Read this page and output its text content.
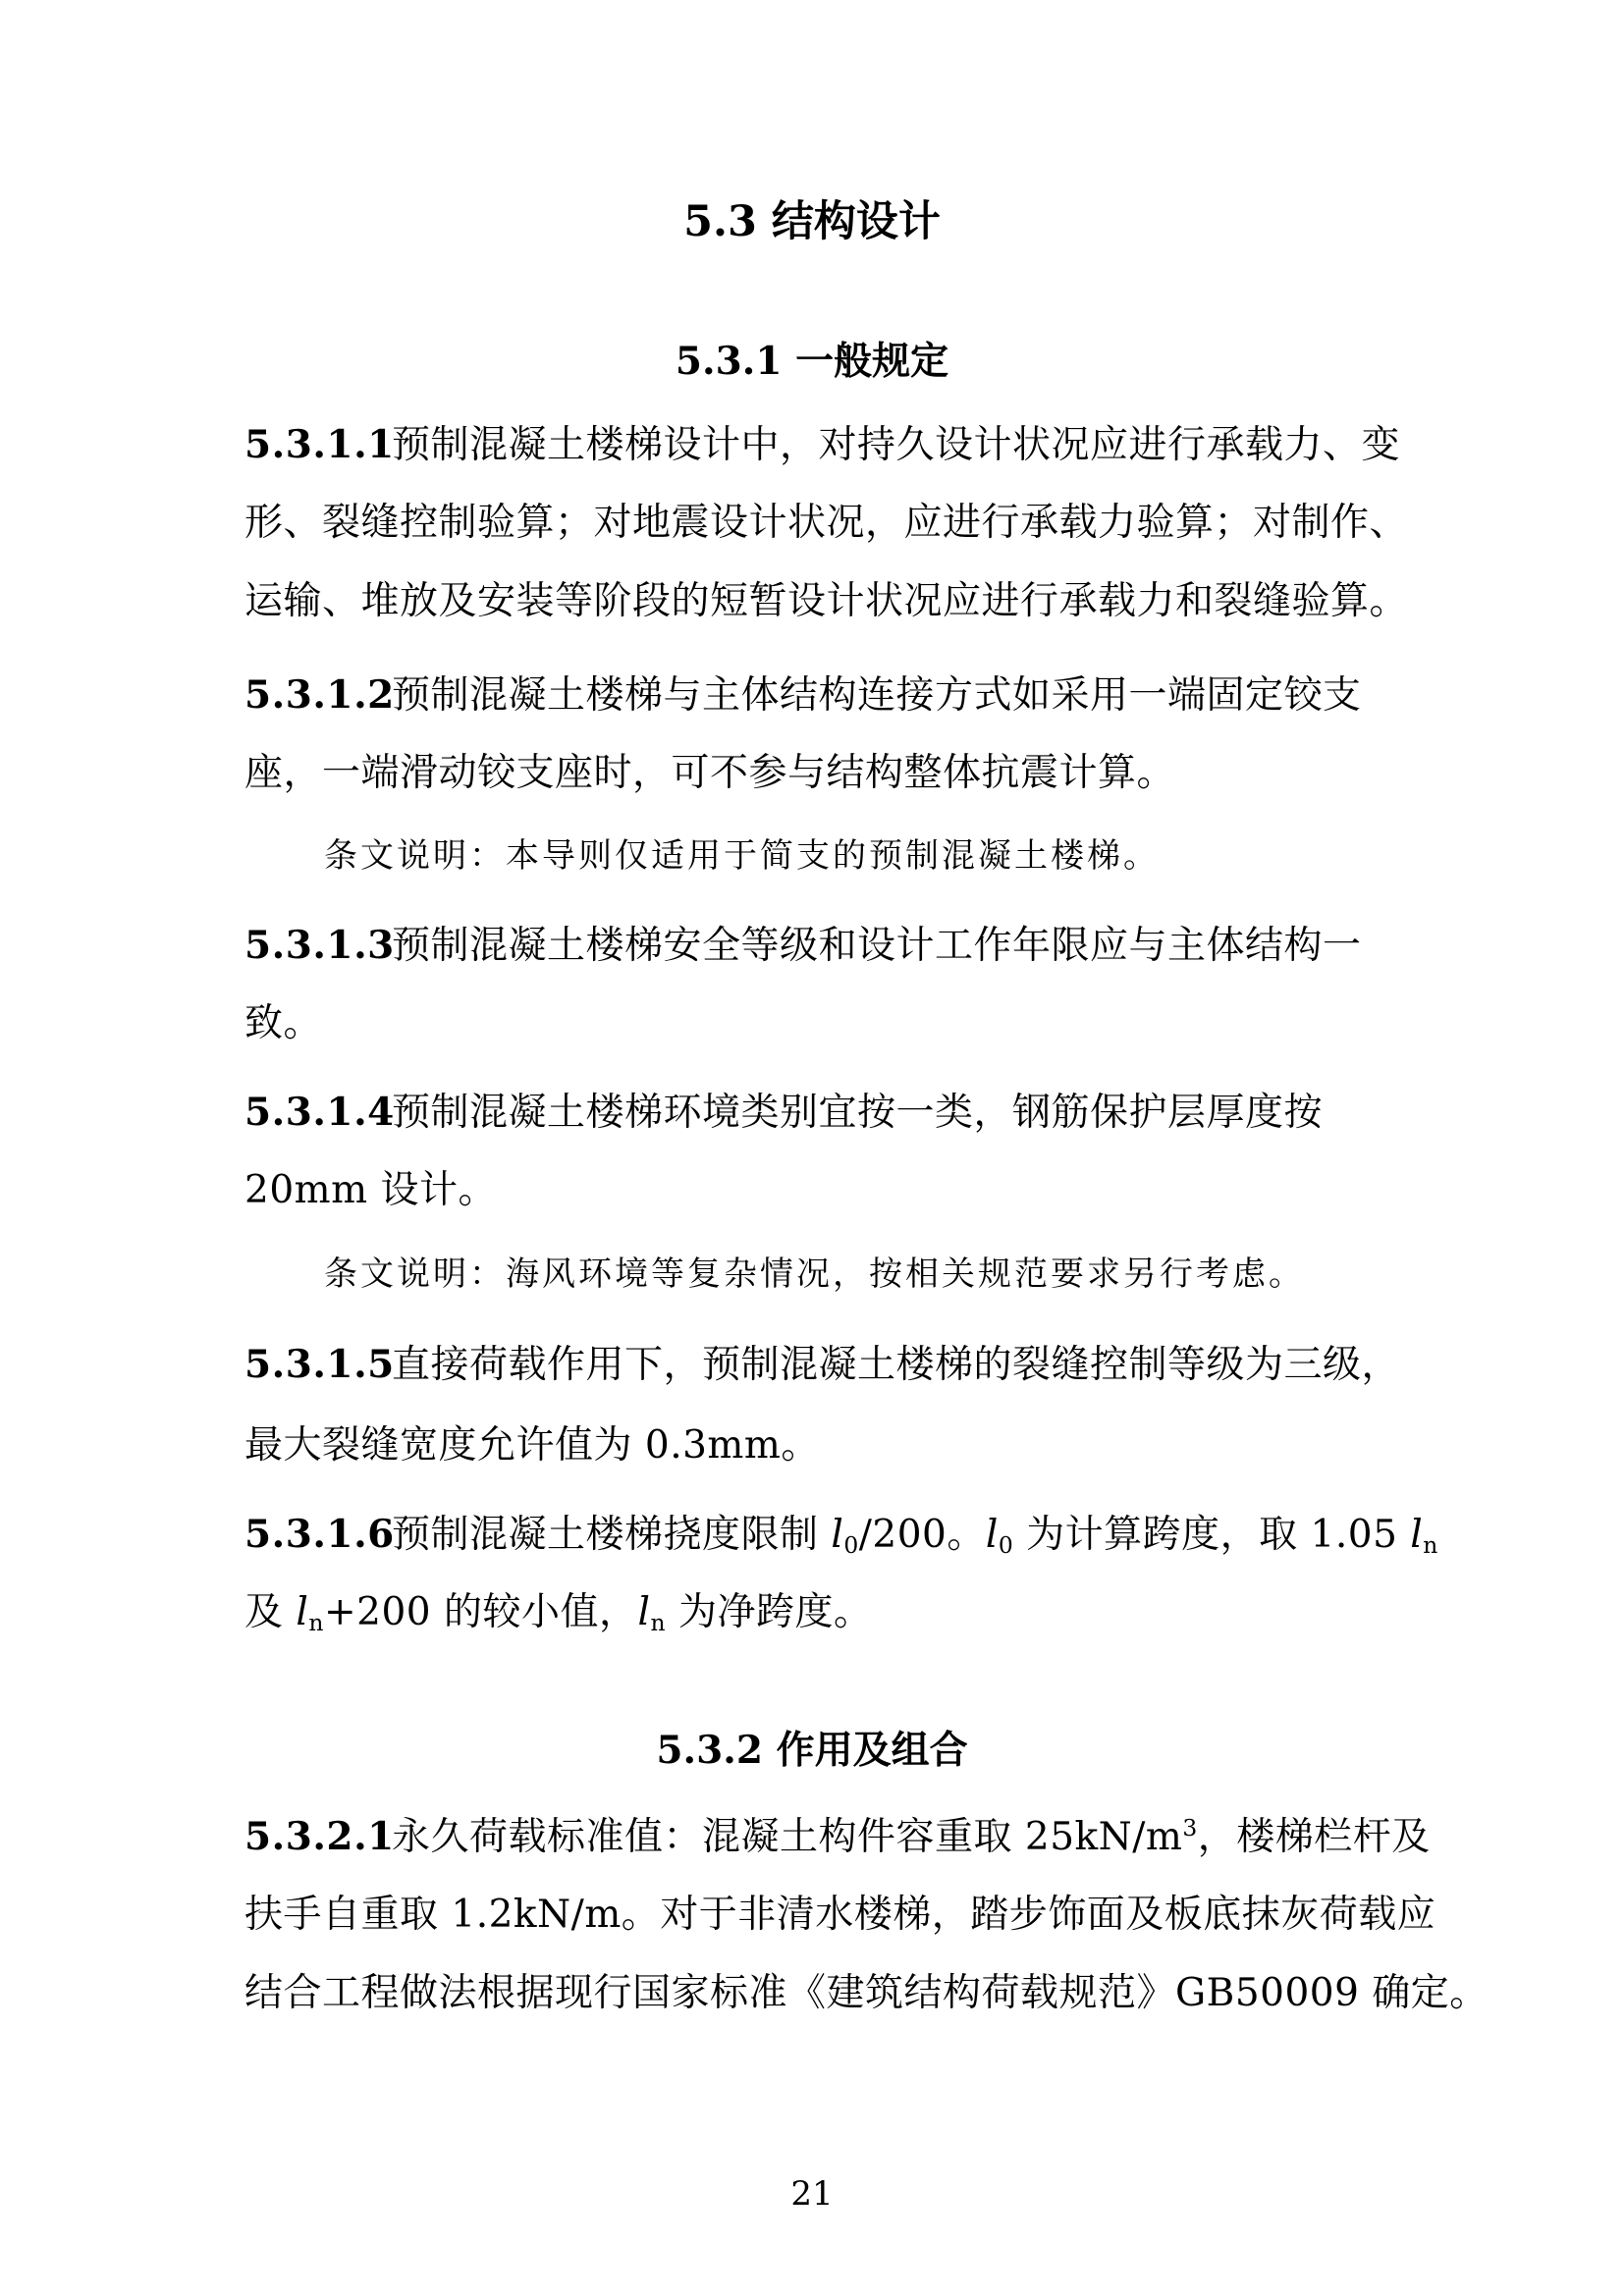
5.3 结构设计
5.3.1 一般规定
5.3.1.1预制混凝土楼梯设计中，对持久设计状况应进行承载力、变
形、裂缝控制验算；对地震设计状况，应进行承载力验算；对制作、
运输、堆放及安装等阶段的短暂设计状况应进行承载力和裂缝验算。
5.3.1.2预制混凝土楼梯与主体结构连接方式如采用一端固定铰支
座，一端滑动铰支座时，可不参与结构整体抗震计算。
条文说明：本导则仅适用于简支的预制混凝土楼梯。
5.3.1.3预制混凝土楼梯安全等级和设计工作年限应与主体结构一
致。
5.3.1.4预制混凝土楼梯环境类别宜按一类，钢筋保护层厚度按
20mm 设计。
条文说明：海风环境等复杂情况，按相关规范要求另行考虑。
5.3.1.5直接荷载作用下，预制混凝土楼梯的裂缝控制等级为三级，
最大裂缝宽度允许值为 0.3mm。
5.3.1.6预制混凝土楼梯挠度限制 $l_0/200$。$l_0$ 为计算跨度，取 1.05 $l_n$
及 $l_n+200$ 的较小值，$l_n$ 为净跨度。
5.3.2 作用及组合
5.3.2.1永久荷载标准值：混凝土构件容重取 $25kN/m^3$，楼梯栏杆及
扶手自重取 1.2kN/m。对于非清水楼梯，踏步饰面及板底抹灰荷载应
结合工程做法根据现行国家标准《建筑结构荷载规范》GB50009 确定。
21
